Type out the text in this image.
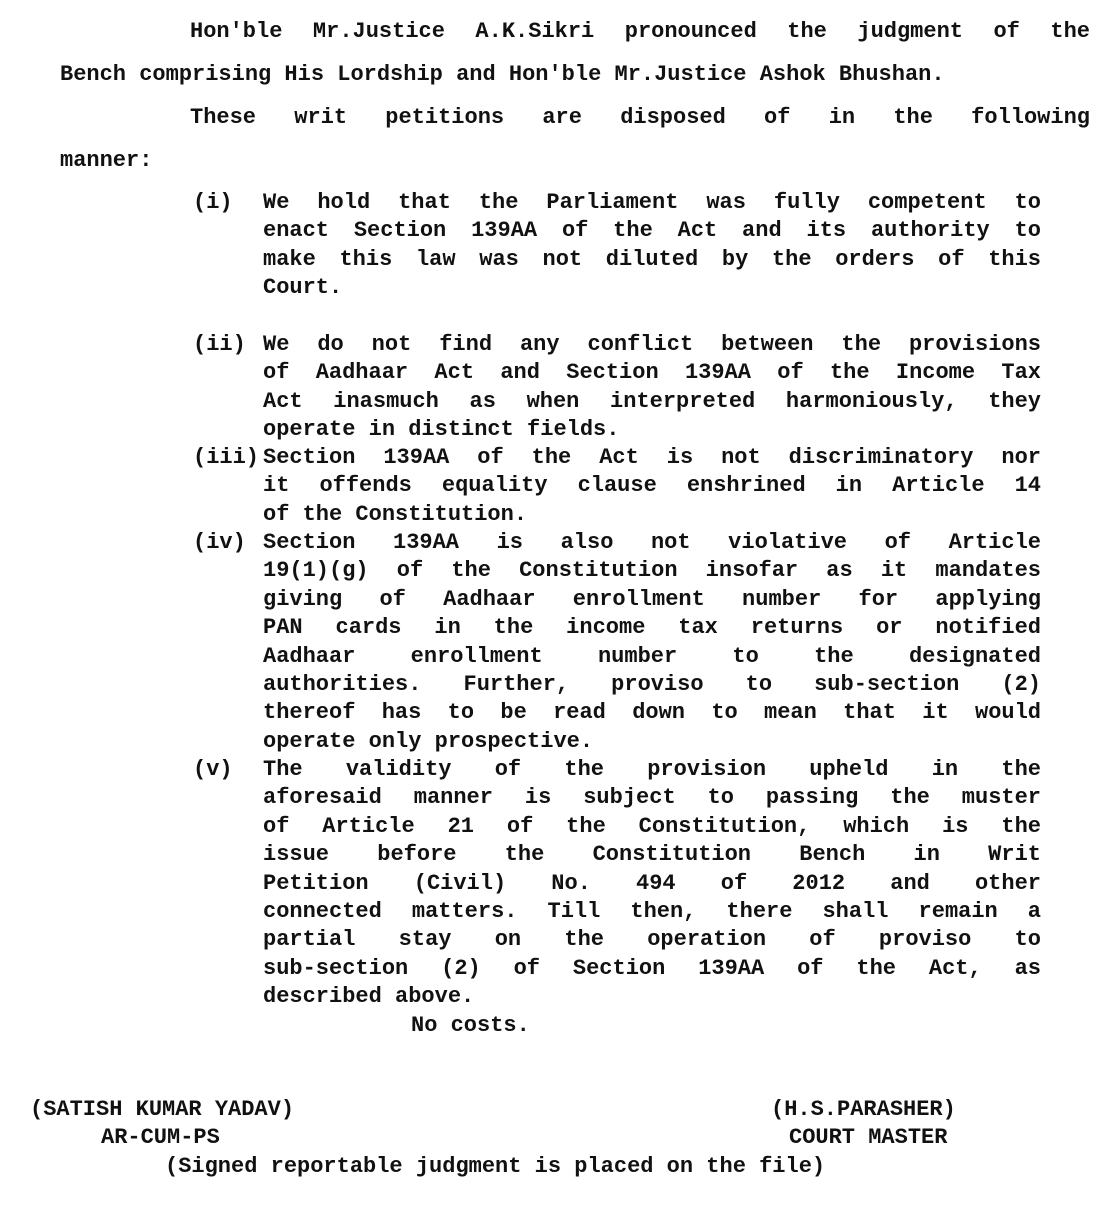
Hon'ble Mr.Justice A.K.Sikri pronounced the judgment of the
Bench comprising His Lordship and Hon'ble Mr.Justice Ashok Bhushan.
These writ petitions are disposed of in the following
manner:
(i) We hold that the Parliament was fully competent to
enact Section 139AA of the Act and its authority to
make this law was not diluted by the orders of this
Court.
(ii) We do not find any conflict between the provisions
of Aadhaar Act and Section 139AA of the Income Tax
Act inasmuch as when interpreted harmoniously, they
operate in distinct fields.
(iii) Section 139AA of the Act is not discriminatory nor
it offends equality clause enshrined in Article 14
of the Constitution.
(iv) Section 139AA is also not violative of Article
19(1)(g) of the Constitution insofar as it mandates
giving of Aadhaar enrollment number for applying
PAN cards in the income tax returns or notified
Aadhaar enrollment number to the designated
authorities. Further, proviso to sub-section (2)
thereof has to be read down to mean that it would
operate only prospective.
(v) The validity of the provision upheld in the
aforesaid manner is subject to passing the muster
of Article 21 of the Constitution, which is the
issue before the Constitution Bench in Writ
Petition (Civil) No. 494 of 2012 and other
connected matters. Till then, there shall remain a
partial stay on the operation of proviso to
sub-section (2) of Section 139AA of the Act, as
described above.
No costs.
(SATISH KUMAR YADAV)
AR-CUM-PS
(H.S.PARASHER)
COURT MASTER
(Signed reportable judgment is placed on the file)
